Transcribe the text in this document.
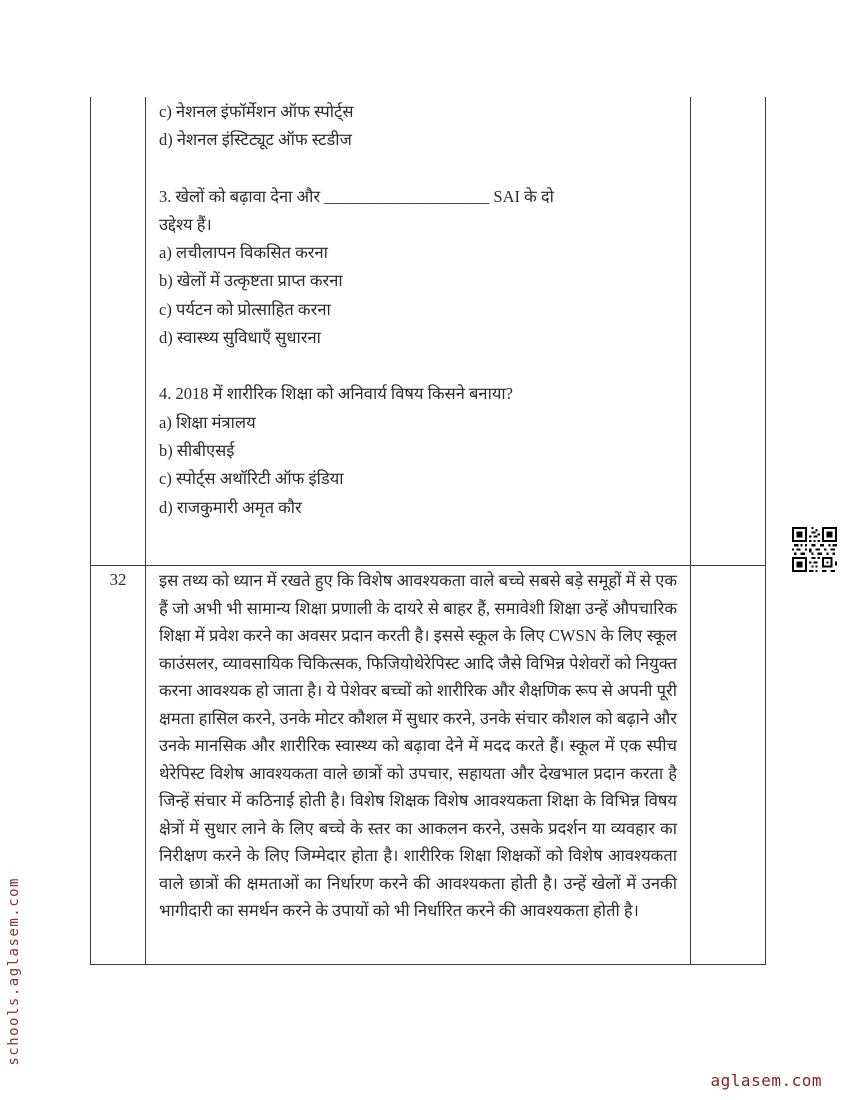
c) नेशनल इंफॉर्मेशन ऑफ स्पोर्ट्स
d) नेशनल इंस्टिट्यूट ऑफ स्टडीज
3. खेलों को बढ़ावा देना और ____________________ SAI के दो
उद्देश्य हैं।
a) लचीलापन विकसित करना
b) खेलों में उत्कृष्टता प्राप्त करना
c) पर्यटन को प्रोत्साहित करना
d) स्वास्थ्य सुविधाएँ सुधारना
4. 2018 में शारीरिक शिक्षा को अनिवार्य विषय किसने बनाया?
a) शिक्षा मंत्रालय
b) सीबीएसई
c) स्पोर्ट्स अथॉरिटी ऑफ इंडिया
d) राजकुमारी अमृत कौर
32	इस तथ्य को ध्यान में रखते हुए कि विशेष आवश्यकता वाले बच्चे सबसे बड़े समूहों में से एक हैं जो अभी भी सामान्य शिक्षा प्रणाली के दायरे से बाहर हैं, समावेशी शिक्षा उन्हें औपचारिक शिक्षा में प्रवेश करने का अवसर प्रदान करती है। इससे स्कूल के लिए CWSN के लिए स्कूल काउंसलर, व्यावसायिक चिकित्सक, फिजियोथेरेपिस्ट आदि जैसे विभिन्न पेशेवरों को नियुक्त करना आवश्यक हो जाता है। ये पेशेवर बच्चों को शारीरिक और शैक्षणिक रूप से अपनी पूरी क्षमता हासिल करने, उनके मोटर कौशल में सुधार करने, उनके संचार कौशल को बढ़ाने और उनके मानसिक और शारीरिक स्वास्थ्य को बढ़ावा देने में मदद करते हैं। स्कूल में एक स्पीच थेरेपिस्ट विशेष आवश्यकता वाले छात्रों को उपचार, सहायता और देखभाल प्रदान करता है जिन्हें संचार में कठिनाई होती है। विशेष शिक्षक विशेष आवश्यकता शिक्षा के विभिन्न विषय क्षेत्रों में सुधार लाने के लिए बच्चे के स्तर का आकलन करने, उसके प्रदर्शन या व्यवहार का निरीक्षण करने के लिए जिम्मेदार होता है। शारीरिक शिक्षा शिक्षकों को विशेष आवश्यकता वाले छात्रों की क्षमताओं का निर्धारण करने की आवश्यकता होती है। उन्हें खेलों में उनकी भागीदारी का समर्थन करने के उपायों को भी निर्धारित करने की आवश्यकता होती है।

schools.aglasem.com
aglasem.com
